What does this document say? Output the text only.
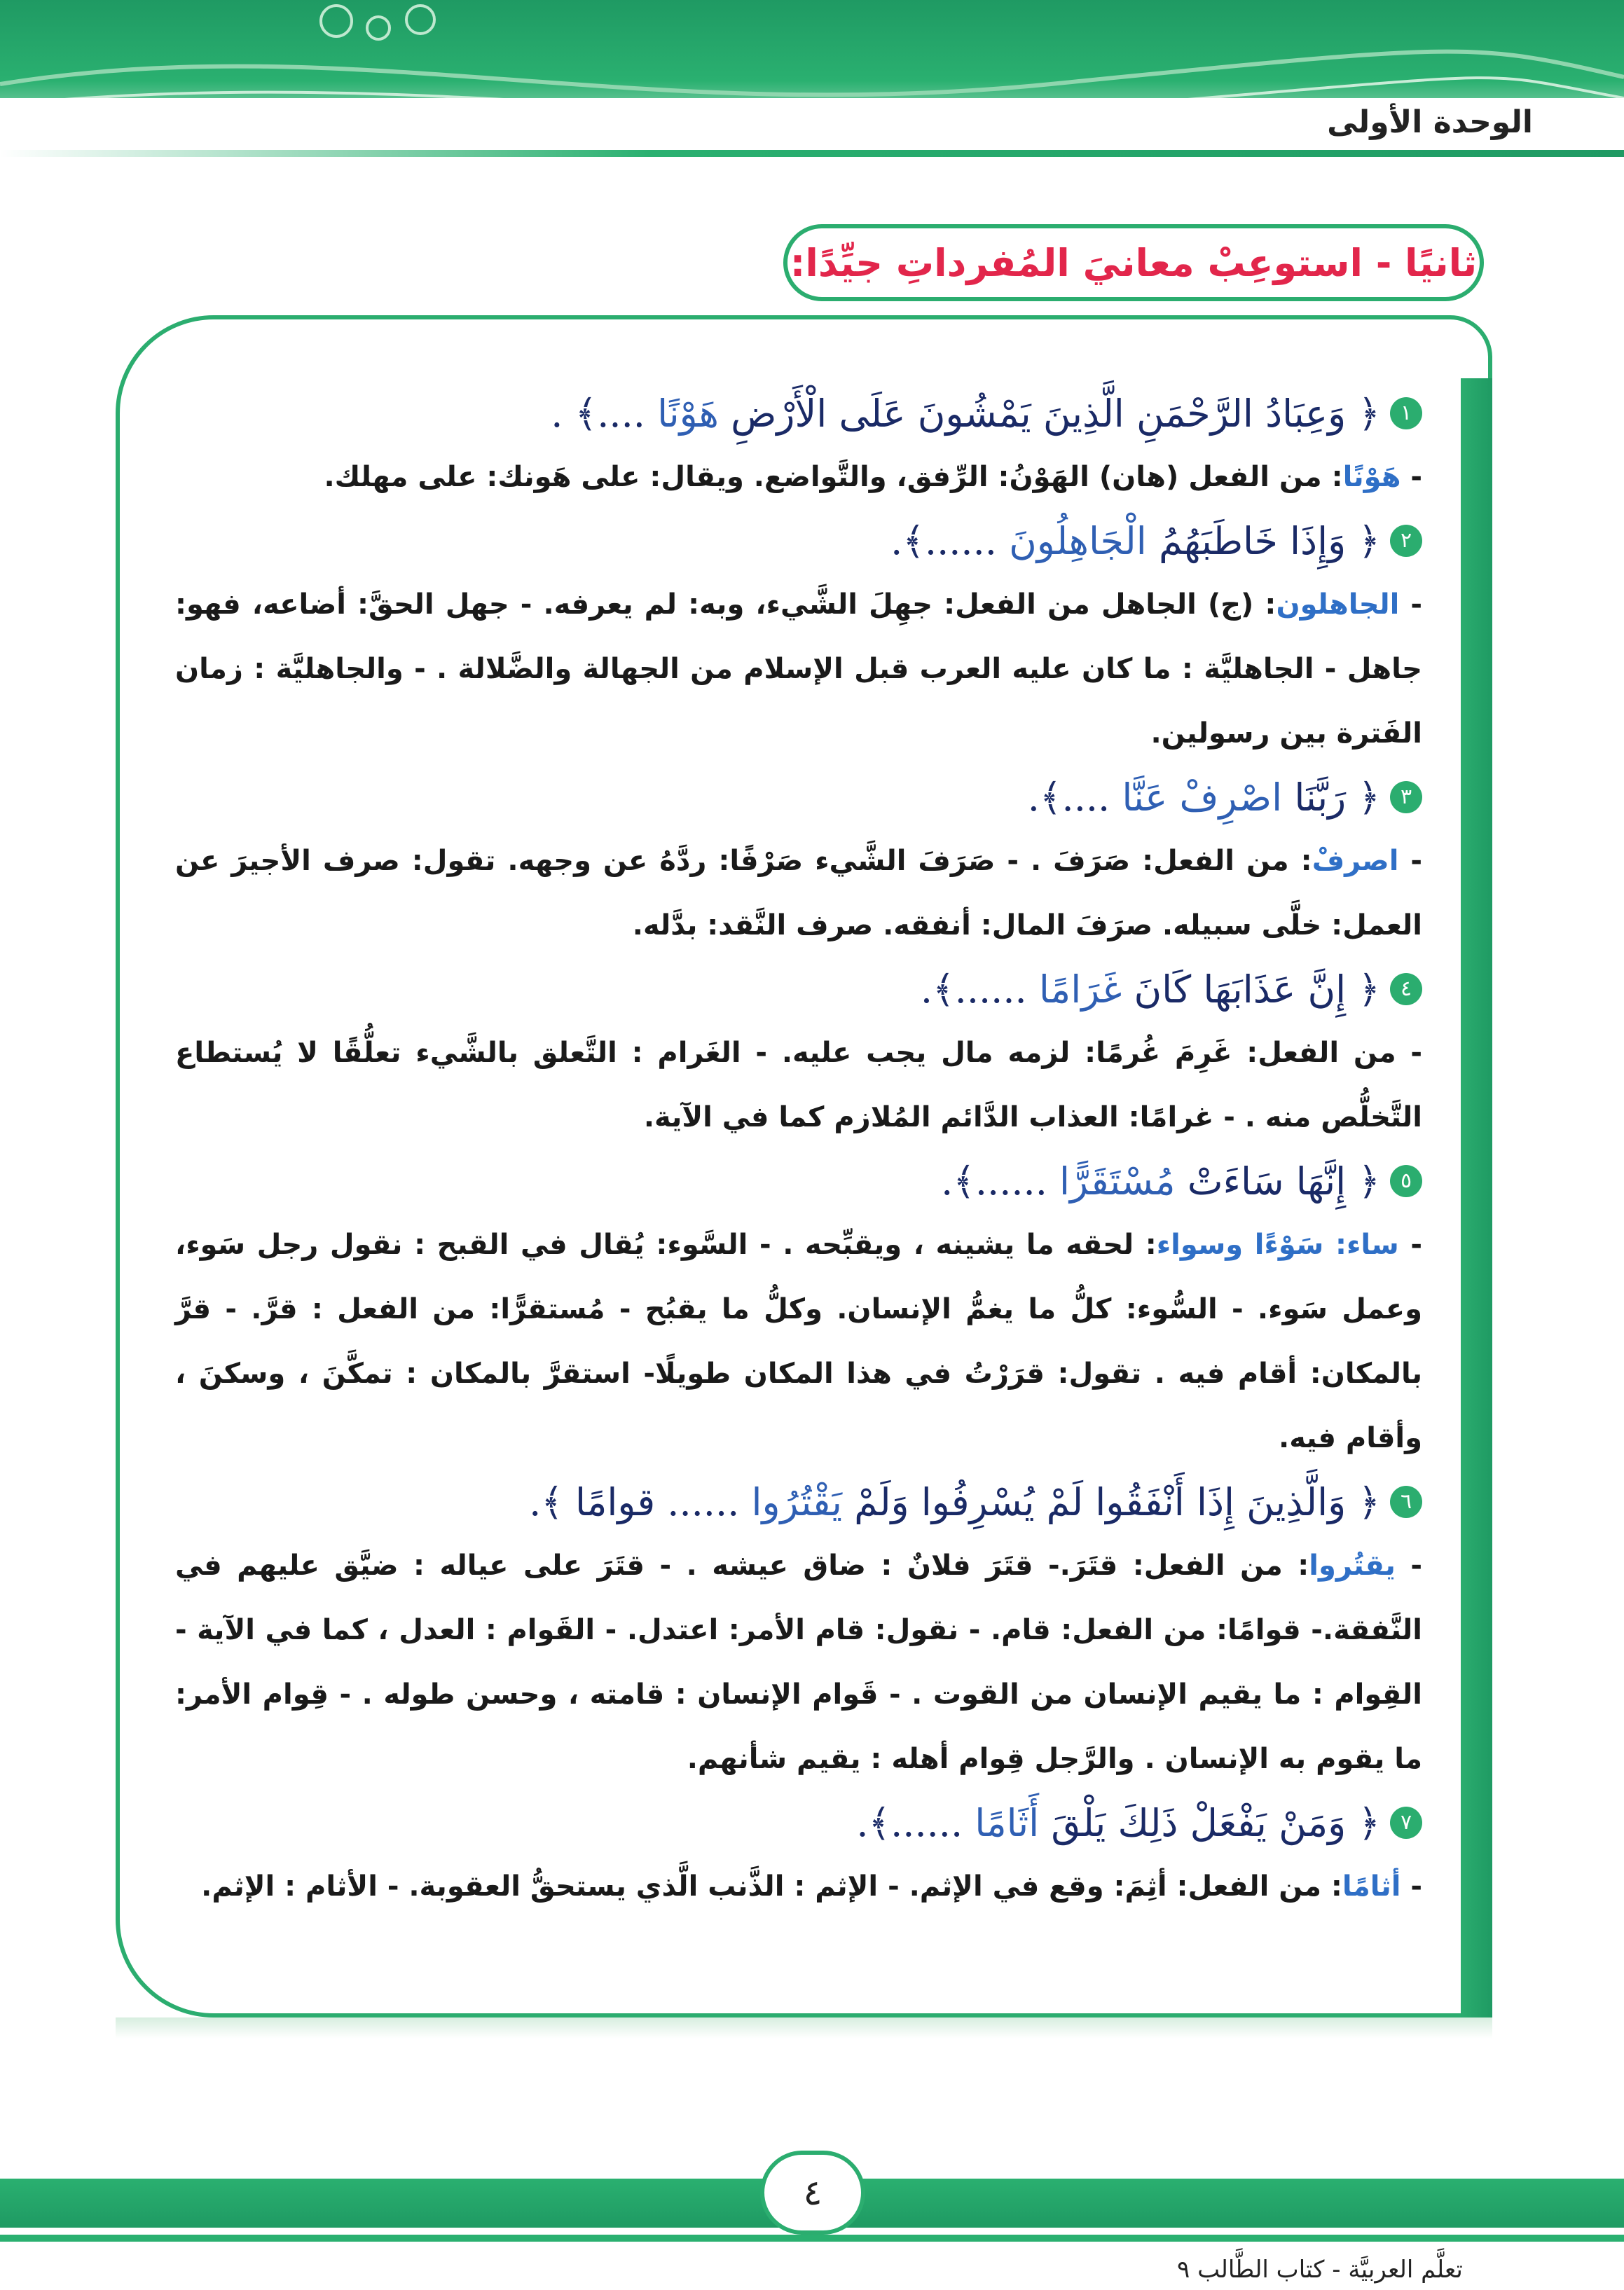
الوحدة الأولى
ثانيًا - استوعِبْ معانيَ المُفرداتِ جيِّدًا:
١
﴿ وَعِبَادُ الرَّحْمَنِ الَّذِينَ يَمْشُونَ عَلَى الْأَرْضِ

هَوْنًا

....﴾ .
- هَوْنًا: من الفعل (هان) الهَوْنُ: الرِّفق، والتَّواضع. ويقال: على هَونك: على مهلك.
٢
﴿ وَإِذَا خَاطَبَهُمُ

الْجَاهِلُونَ

......﴾.
- الجاهلون: (ج) الجاهل من الفعل: جهِلَ الشَّيء، وبه: لم يعرفه. - جهل الحقَّ: أضاعه، فهو: جاهل - الجاهليَّة : ما كان عليه العرب قبل الإسلام من الجهالة والضَّلالة . - والجاهليَّة : زمان الفَترة بين رسولين.
٣
﴿ رَبَّنَا

اصْرِفْ عَنَّا

....﴾.
- اصرفْ: من الفعل: صَرَفَ . - صَرَفَ الشَّيء صَرْفًا: ردَّهُ عن وجهه. تقول: صرف الأجيرَ عن العمل: خلَّى سبيله. صرَفَ المال: أنفقه. صرف النَّقد: بدَّله.
٤
﴿ إِنَّ عَذَابَهَا كَانَ

غَرَامًا

......﴾.
- من الفعل: غَرِمَ غُرمًا: لزمه مال يجب عليه. - الغَرام : التَّعلق بالشَّيء تعلُّقًا لا يُستطاع التَّخلُّص منه . - غرامًا: العذاب الدَّائم المُلازم كما في الآية.
٥
﴿ إِنَّهَا سَاءَتْ

مُسْتَقَرًّا

......﴾.
- ساء: سَوْءًا وسواء: لحقه ما يشينه ، ويقبِّحه . - السَّوء: يُقال في القبح : نقول رجل سَوء، وعمل سَوء. - السُّوء: كلُّ ما يغمُّ الإنسان. وكلُّ ما يقبُح - مُستقرًّا: من الفعل : قرَّ. - قرَّ بالمكان: أقام فيه . تقول: قرَرْتُ في هذا المكان طويلًا- استقرَّ بالمكان : تمكَّنَ ، وسكنَ ، وأقام فيه.
٦
﴿ وَالَّذِينَ إِذَا أَنْفَقُوا لَمْ يُسْرِفُوا وَلَمْ

يَقْتُرُوا

...... قوامًا ﴾.
- يقتُروا: من الفعل: قتَرَ.- قتَرَ فلانٌ : ضاق عيشه . - قتَرَ على عياله : ضيَّق عليهم في النَّفقة.- قوامًا: من الفعل: قام. - نقول: قام الأمر: اعتدل. - القَوام : العدل ، كما في الآية - القِوام : ما يقيم الإنسان من القوت . - قَوام الإنسان : قامته ، وحسن طوله . - قِوام الأمر: ما يقوم به الإنسان . والرَّجل قِوام أهله : يقيم شأنهم.
٧
﴿ وَمَنْ يَفْعَلْ ذَلِكَ يَلْقَ

أَثَامًا

......﴾.
- أثامًا: من الفعل: أثِمَ: وقع في الإثم. - الإثم : الذَّنب الَّذي يستحقُّ العقوبة. - الأثام : الإثم.
٤
تعلَّم العربيَّة - كتاب الطَّالب ٩
